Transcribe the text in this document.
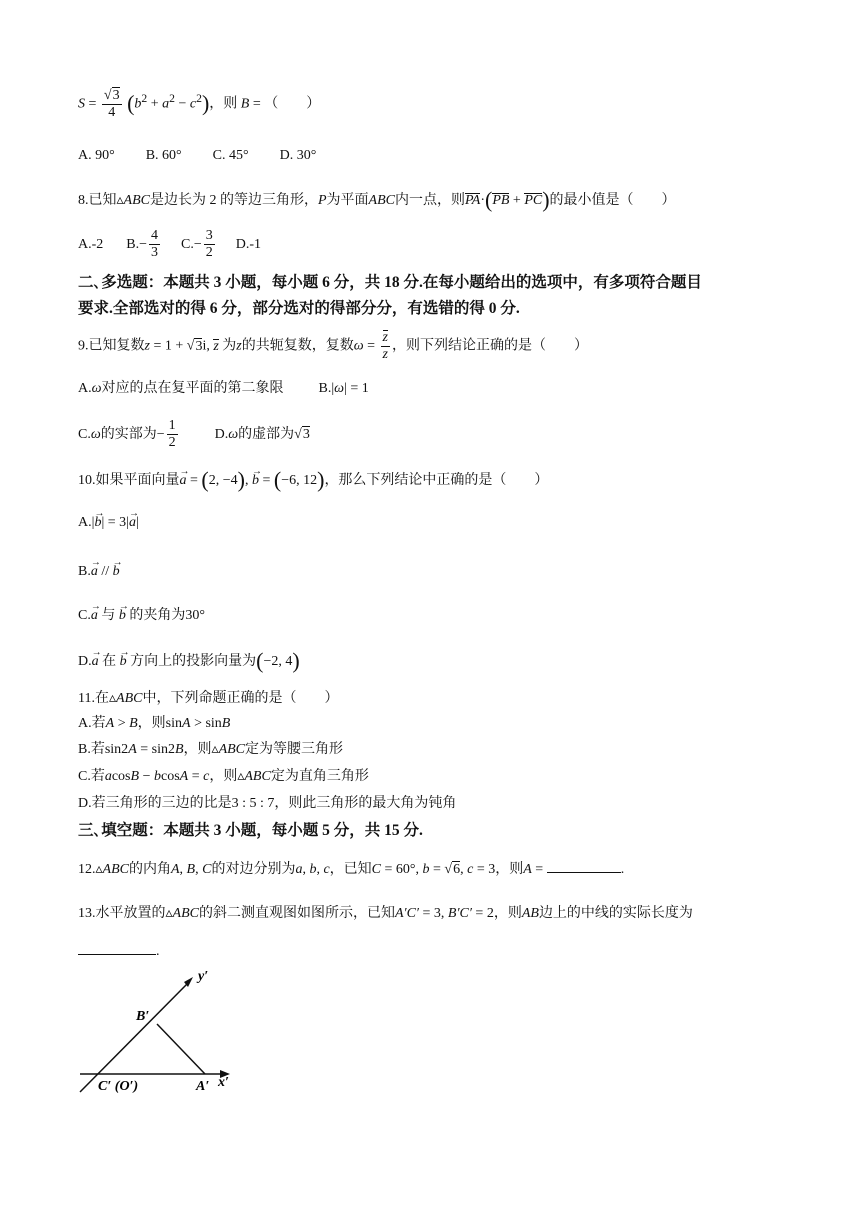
$S = \frac{√3}{4} (b^2 + a^2 - c^2)$，则 B = （　　）
A. 90° B. 60° C. 45° D. 30°
8.已知▵ABC是边长为 2 的等边三角形，P为平面ABC内一点，则PA·(PB + PC)的最小值是（　　）
A.-2 $B.- \frac{4}{3} C.- \frac{3}{2} D.-1$
二､多选题：本题共 3 小题，每小题 6 分，共 18 分.在每小题给出的选项中，有多项符合题目
要求.全部选对的得 6 分，部分选对的得部分分，有选错的得 0 分.
9.已知复数z = 1 + √3i, z 为z的共轭复数，复数$\omega = \frac{z}{z}$ ，则下列结论正确的是（　　）
A.ω对应的点在复平面的第二象限	B.|ω| = 1
C.ω的实部为− $\frac{1}{2}$	D.ω的虚部为√3
10.如果平面向量→ a = (2, −4), → b = (−6, 12)，那么下列结论中正确的是（　　）
A.|→ b| = 3|→ a|
B.→ a // → b
C.→ a 与 → b 的夹角为30°
D.→ a 在 → b 方向上的投影向量为(−2, 4)
11.在▵ABC中，下列命题正确的是（　　）
A.若A > B，则sinA > sinB
B.若sin2A = sin2B，则▵ABC定为等腰三角形
C.若acosB − bcosA = c，则▵ABC定为直角三角形
D.若三角形的三边的比是3 : 5 : 7，则此三角形的最大角为钝角
三､填空题：本题共 3 小题，每小题 5 分，共 15 分.
12.▵ABC的内角A, B, C的对边分别为a, b, c，已知C = 60°, b = √6, c = 3，则A =	.
13.水平放置的▵ABC的斜二测直观图如图所示，已知A′C′ = 3, B′C′ = 2，则AB边上的中线的实际长度为
.
y′
x′
B′
C′ (O′)	A′
